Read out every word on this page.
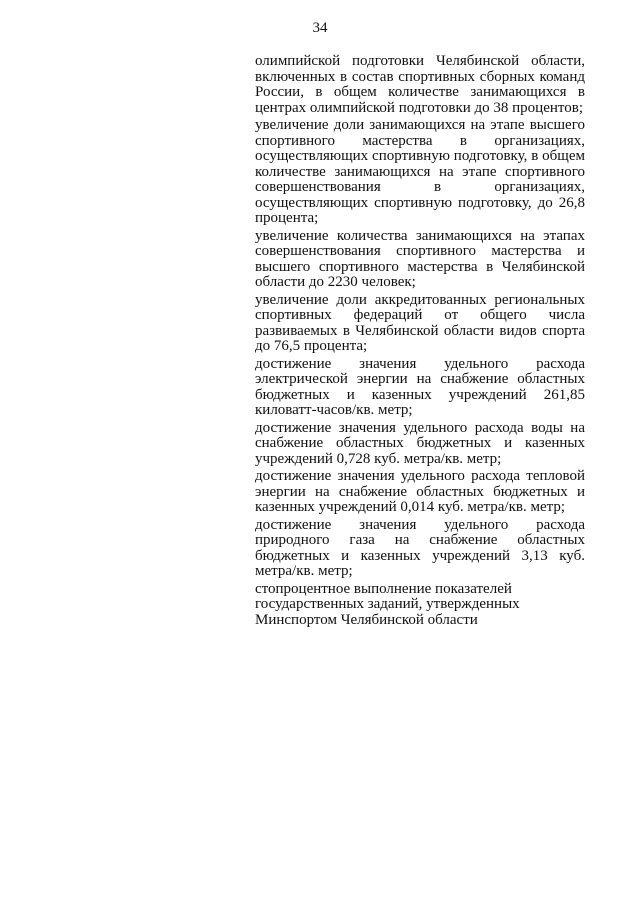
34

олимпийской подготовки Челябинской области, включенных в состав спортивных сборных команд России, в общем количестве занимающихся в центрах олимпийской подготовки до 38 процентов;

увеличение доли занимающихся на этапе высшего спортивного мастерства в организациях, осуществляющих спортивную подготовку, в общем количестве занимающихся на этапе спортивного совершенствования в организациях, осуществляющих спортивную подготовку, до 26,8 процента;

увеличение количества занимающихся на этапах совершенствования спортивного мастерства и высшего спортивного мастерства в Челябинской области до 2230 человек;

увеличение доли аккредитованных региональных спортивных федераций от общего числа развиваемых в Челябинской области видов спорта до 76,5 процента;

достижение значения удельного расхода электрической энергии на снабжение областных бюджетных и казенных учреждений 261,85 киловатт-часов/кв. метр;

достижение значения удельного расхода воды на снабжение областных бюджетных и казенных учреждений 0,728 куб. метра/кв. метр;

достижение значения удельного расхода тепловой энергии на снабжение областных бюджетных и казенных учреждений 0,014 куб. метра/кв. метр;

достижение значения удельного расхода природного газа на снабжение областных бюджетных и казенных учреждений 3,13 куб. метра/кв. метр;

стопроцентное выполнение показателей государственных заданий, утвержденных Минспортом Челябинской области
